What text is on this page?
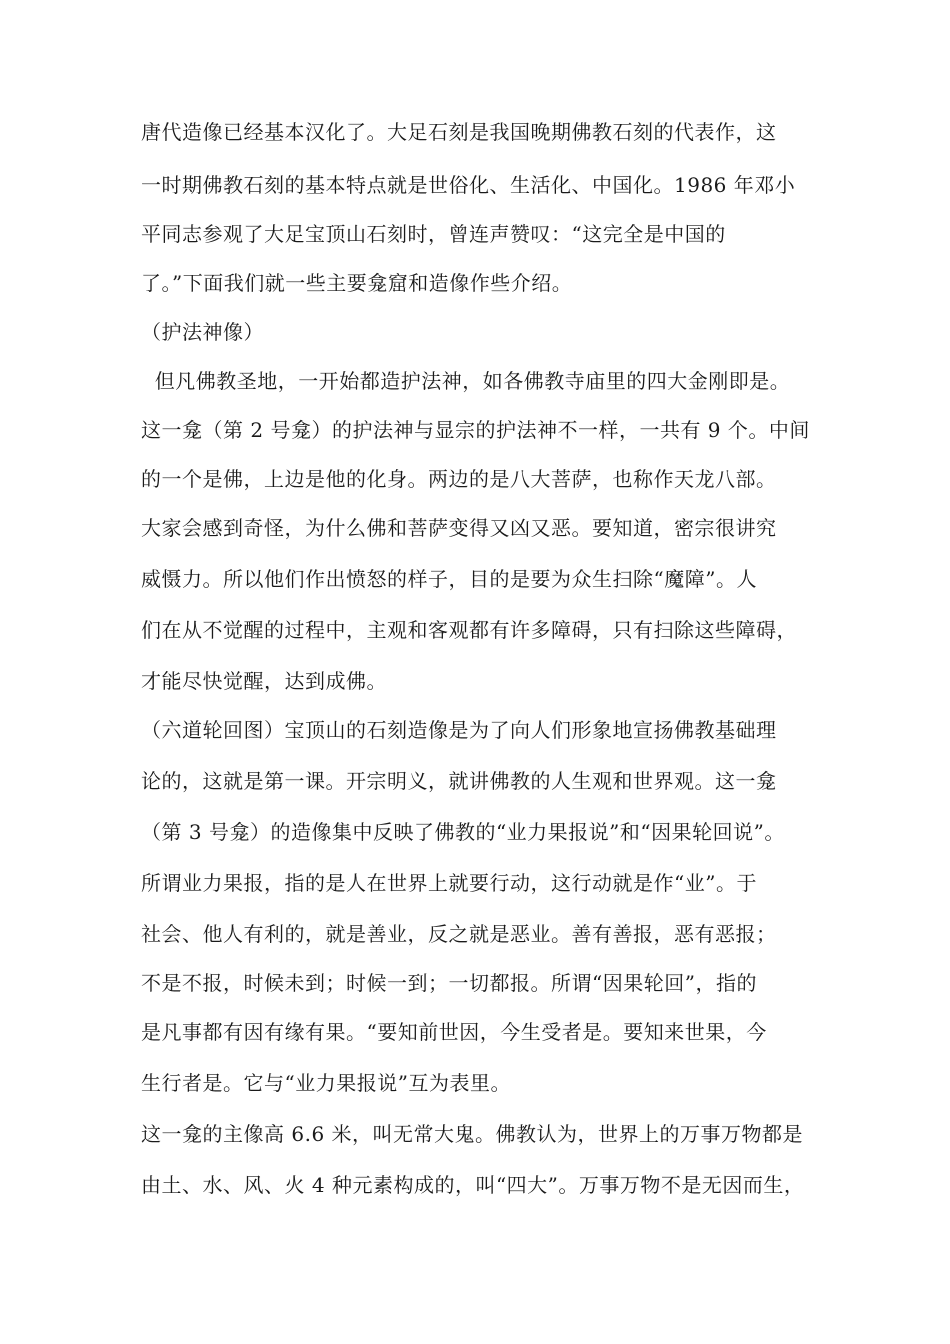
唐代造像已经基本汉化了。大足石刻是我国晚期佛教石刻的代表作，这
一时期佛教石刻的基本特点就是世俗化、生活化、中国化。1986 年邓小
平同志参观了大足宝顶山石刻时，曾连声赞叹：“这完全是中国的
了。”下面我们就一些主要龛窟和造像作些介绍。
（护法神像）
但凡佛教圣地，一开始都造护法神，如各佛教寺庙里的四大金刚即是。
这一龛（第 2 号龛）的护法神与显宗的护法神不一样，一共有 9 个。中间
的一个是佛，上边是他的化身。两边的是八大菩萨，也称作天龙八部。
大家会感到奇怪，为什么佛和菩萨变得又凶又恶。要知道，密宗很讲究
威慑力。所以他们作出愤怒的样子，目的是要为众生扫除“魔障”。人
们在从不觉醒的过程中，主观和客观都有许多障碍，只有扫除这些障碍，
才能尽快觉醒，达到成佛。
（六道轮回图）宝顶山的石刻造像是为了向人们形象地宣扬佛教基础理
论的，这就是第一课。开宗明义，就讲佛教的人生观和世界观。这一龛
（第 3 号龛）的造像集中反映了佛教的“业力果报说”和“因果轮回说”。
所谓业力果报，指的是人在世界上就要行动，这行动就是作“业”。于
社会、他人有利的，就是善业，反之就是恶业。善有善报，恶有恶报；
不是不报，时候未到；时候一到；一切都报。所谓“因果轮回”，指的
是凡事都有因有缘有果。“要知前世因，今生受者是。要知来世果，今
生行者是。它与“业力果报说”互为表里。
这一龛的主像高 6.6 米，叫无常大鬼。佛教认为，世界上的万事万物都是
由土、水、风、火 4 种元素构成的，叫“四大”。万事万物不是无因而生，
